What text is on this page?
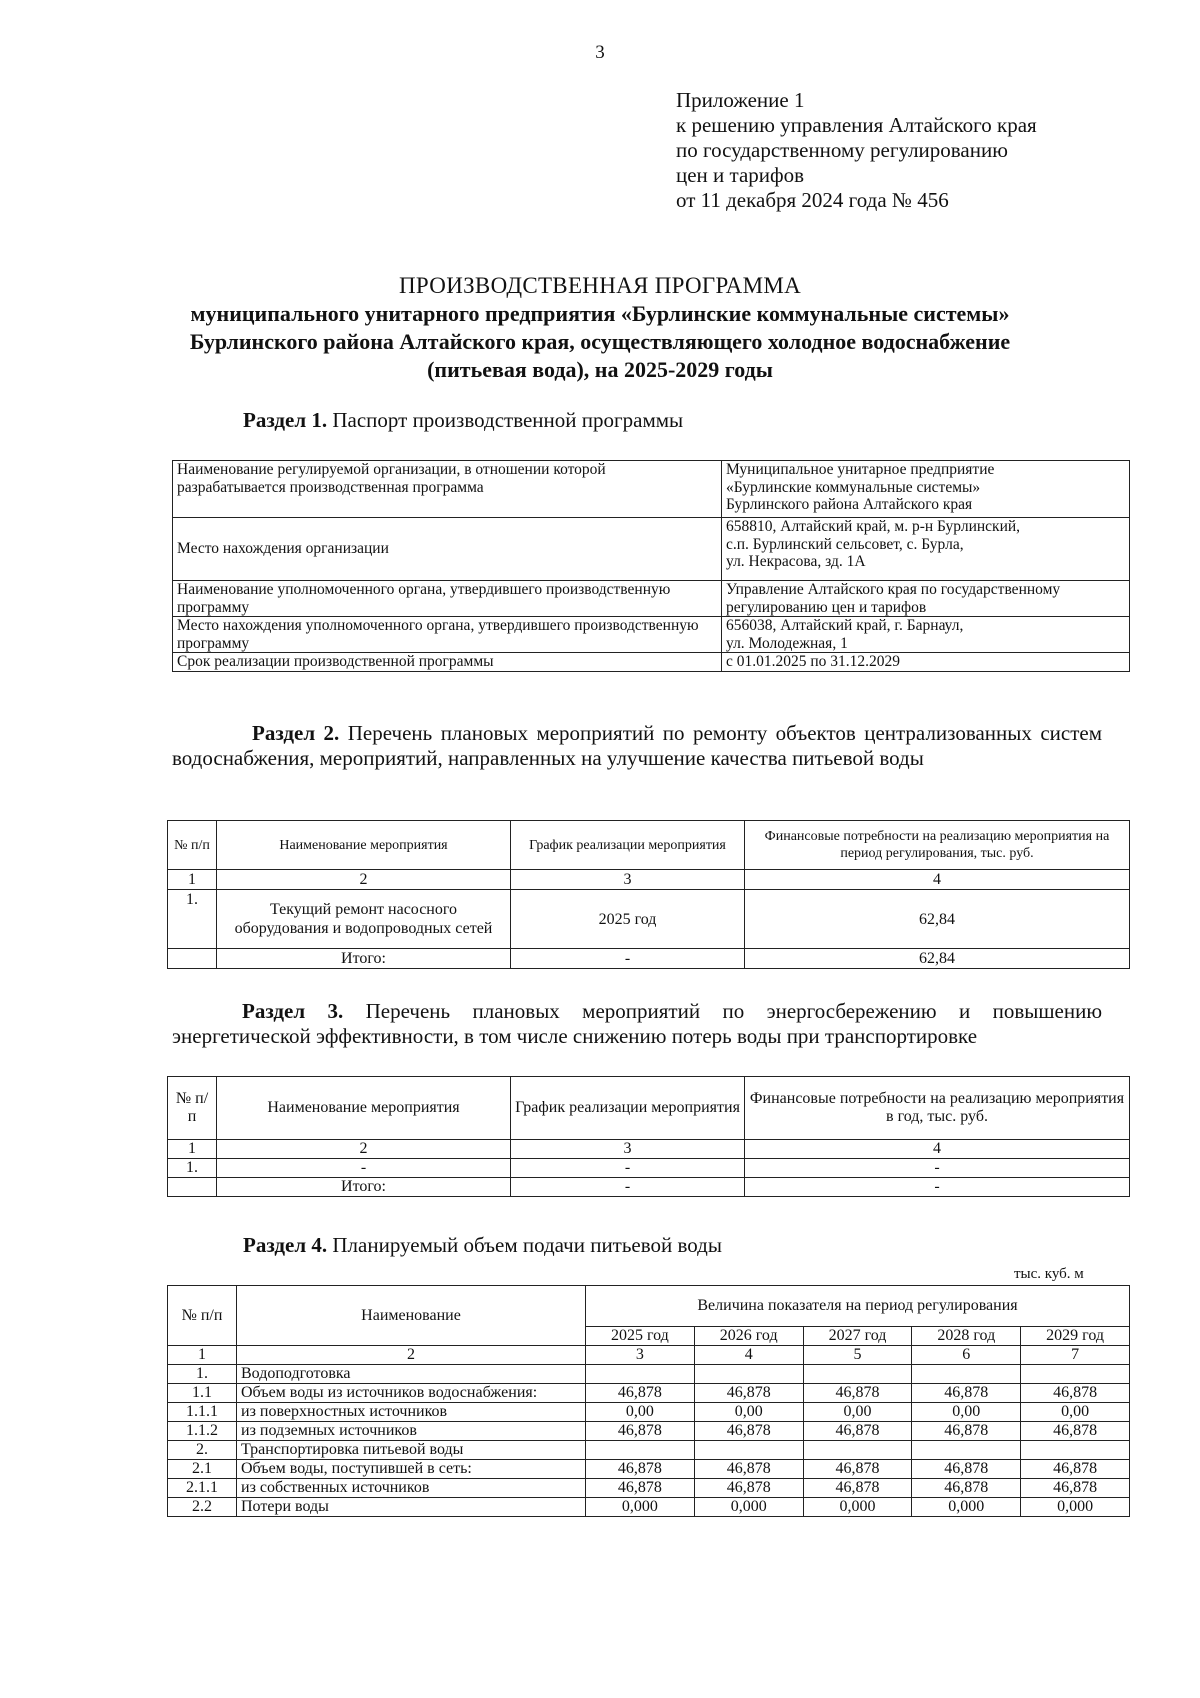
3
Приложение 1
к решению управления Алтайского края
по государственному регулированию
цен и тарифов
от 11 декабря 2024 года № 456
ПРОИЗВОДСТВЕННАЯ ПРОГРАММА
муниципального унитарного предприятия «Бурлинские коммунальные системы»
Бурлинского района Алтайского края, осуществляющего холодное водоснабжение
(питьевая вода), на 2025-2029 годы
Раздел 1. Паспорт производственной программы
Наименование регулируемой организации, в отношении которой разрабатывается производственная программа	Муниципальное унитарное предприятие
«Бурлинские коммунальные системы»
Бурлинского района Алтайского края

Место нахождения организации	658810, Алтайский край, м. р-н Бурлинский,
с.п. Бурлинский сельсовет, с. Бурла,
ул. Некрасова, зд. 1А

Наименование уполномоченного органа, утвердившего производственную программу	Управление Алтайского края по государственному
регулированию цен и тарифов

Место нахождения уполномоченного органа, утвердившего производственную программу	656038, Алтайский край, г. Барнаул,
ул. Молодежная, 1

Срок реализации производственной программы	с 01.01.2025 по 31.12.2029
Раздел 2. Перечень плановых мероприятий по ремонту объектов централизованных систем водоснабжения, мероприятий, направленных на улучшение качества питьевой воды
№ п/п	Наименование мероприятия	График реализации мероприятия	Финансовые потребности на реализацию мероприятия на период регулирования, тыс. руб.
1	2	3	4
1.	Текущий ремонт насосного оборудования и водопроводных сетей	2025 год	62,84
	Итого:	-	62,84
Раздел 3. Перечень плановых мероприятий по энергосбережению и повышению энергетической эффективности, в том числе снижению потерь воды при транспортировке
№ п/п	Наименование мероприятия	График реализации мероприятия	Финансовые потребности на реализацию мероприятия в год, тыс. руб.
1	2	3	4
1.	-	-	-
	Итого:	-	-
Раздел 4. Планируемый объем подачи питьевой воды
тыс. куб. м
№ п/п	Наименование	Величина показателя на период регулирования				
		2025 год	2026 год	2027 год	2028 год	2029 год
1	2	3	4	5	6	7
1.	Водоподготовка					
1.1	Объем воды из источников водоснабжения:	46,878	46,878	46,878	46,878	46,878
1.1.1	из поверхностных источников	0,00	0,00	0,00	0,00	0,00
1.1.2	из подземных источников	46,878	46,878	46,878	46,878	46,878
2.	Транспортировка питьевой воды					
2.1	Объем воды, поступившей в сеть:	46,878	46,878	46,878	46,878	46,878
2.1.1	из собственных источников	46,878	46,878	46,878	46,878	46,878
2.2	Потери воды	0,000	0,000	0,000	0,000	0,000
